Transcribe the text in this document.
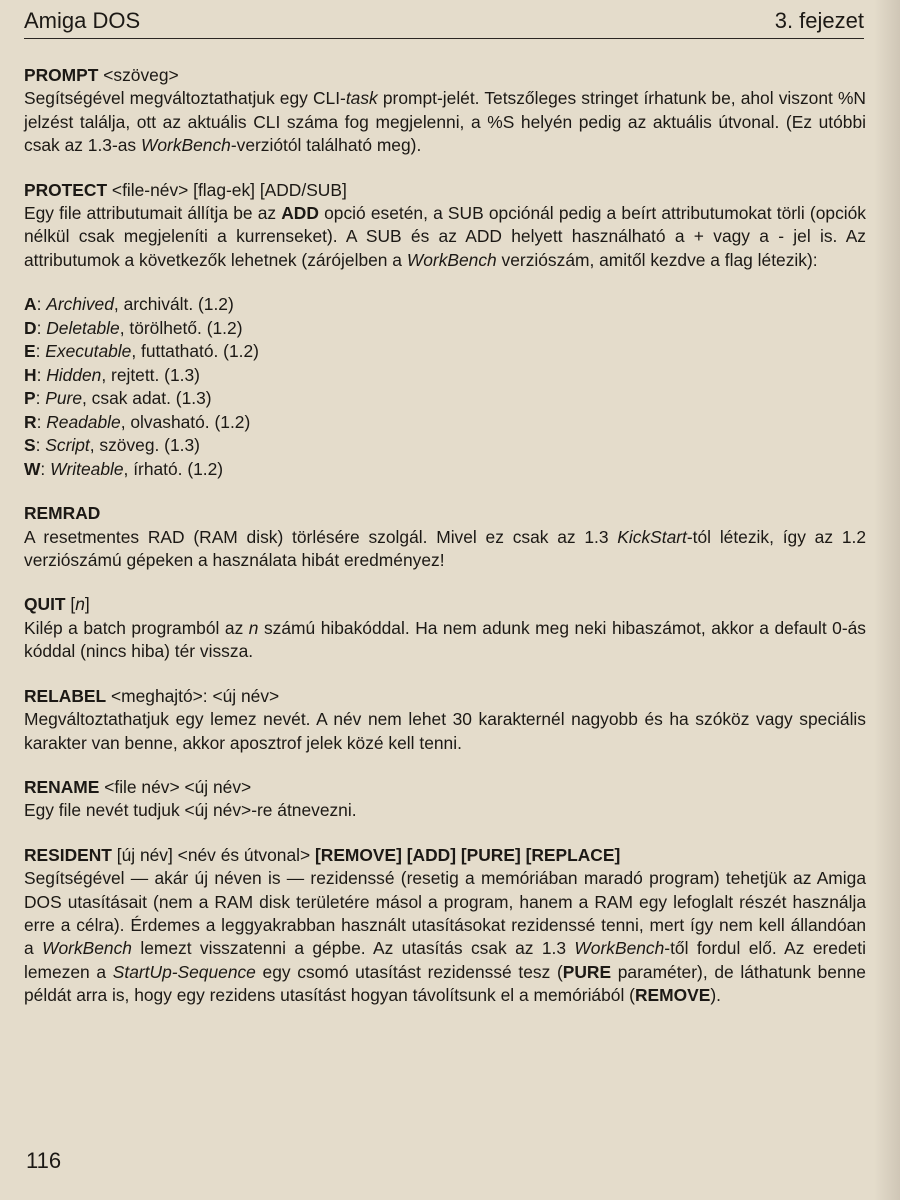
Amiga DOS	3. fejezet

PROMPT <szöveg>

Segítségével megváltoztathatjuk egy CLI-task prompt-jelét. Tetszőleges stringet írhatunk be, ahol viszont %N jelzést találja, ott az aktuális CLI száma fog megjelenni, a %S helyén pedig az aktuális útvonal. (Ez utóbbi csak az 1.3-as WorkBench-verziótól található meg).

PROTECT <file-név> [flag-ek] [ADD/SUB]

Egy file attributumait állítja be az ADD opció esetén, a SUB opciónál pedig a beírt attributumokat törli (opciók nélkül csak megjeleníti a kurrenseket). A SUB és az ADD helyett használható a + vagy a - jel is. Az attributumok a következők lehetnek (zárójelben a WorkBench verziószám, amitől kezdve a flag létezik):

A: Archived, archivált. (1.2)

D: Deletable, törölhető. (1.2)

E: Executable, futtatható. (1.2)

H: Hidden, rejtett. (1.3)

P: Pure, csak adat. (1.3)

R: Readable, olvasható. (1.2)

S: Script, szöveg. (1.3)

W: Writeable, írható. (1.2)

REMRAD

A resetmentes RAD (RAM disk) törlésére szolgál. Mivel ez csak az 1.3 KickStart-tól létezik, így az 1.2 verziószámú gépeken a használata hibát eredményez!

QUIT [n]

Kilép a batch programból az n számú hibakóddal. Ha nem adunk meg neki hibaszámot, akkor a default 0-ás kóddal (nincs hiba) tér vissza.

RELABEL <meghajtó>: <új név>

Megváltoztathatjuk egy lemez nevét. A név nem lehet 30 karakternél nagyobb és ha szóköz vagy speciális karakter van benne, akkor aposztrof jelek közé kell tenni.

RENAME <file név> <új név>

Egy file nevét tudjuk <új név>-re átnevezni.

RESIDENT [új név] <név és útvonal> [REMOVE] [ADD] [PURE] [REPLACE]

Segítségével — akár új néven is — rezidenssé (resetig a memóriában maradó program) tehetjük az Amiga DOS utasításait (nem a RAM disk területére másol a program, hanem a RAM egy lefoglalt részét használja erre a célra). Érdemes a leggyakrabban használt utasításokat rezidenssé tenni, mert így nem kell állandóan a WorkBench lemezt visszatenni a gépbe. Az utasítás csak az 1.3 WorkBench-től fordul elő. Az eredeti lemezen a StartUp-Sequence egy csomó utasítást rezidenssé tesz (PURE paraméter), de láthatunk benne példát arra is, hogy egy rezidens utasítást hogyan távolítsunk el a memóriából (REMOVE).

116
